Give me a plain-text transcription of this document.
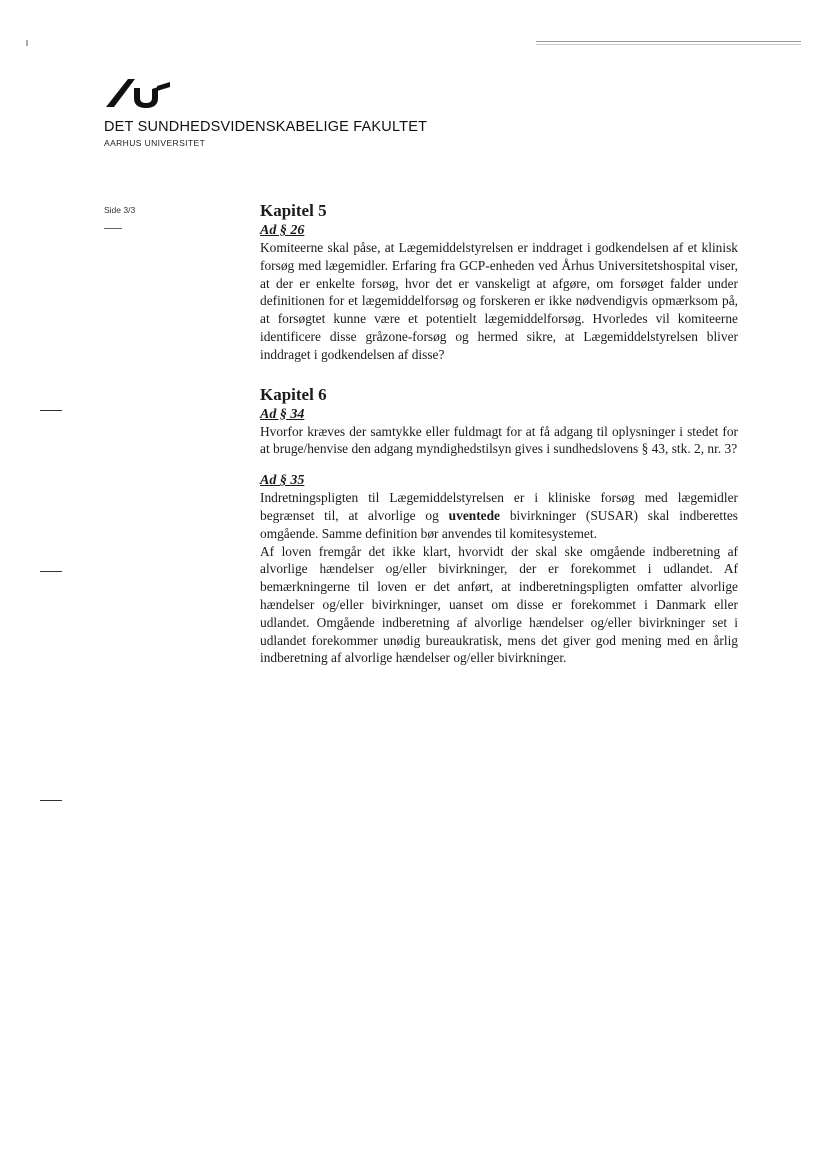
DET SUNDHEDSVIDENSKABELIGE FAKULTET
AARHUS UNIVERSITET
Side 3/3	Kapitel 5
Ad § 26

Komiteerne skal påse, at Lægemiddelstyrelsen er inddraget i godkendelsen af et klinisk forsøg med lægemidler. Erfaring fra GCP-enheden ved Århus Universitetshospital viser, at der er enkelte forsøg, hvor det er vanskeligt at afgøre, om forsøget falder under definitionen for et lægemiddelforsøg og forskeren er ikke nødvendigvis opmærksom på, at forsøgtet kunne være et potentielt lægemiddelforsøg. Hvorledes vil komiteerne identificere disse gråzone-forsøg og hermed sikre, at Lægemiddelstyrelsen bliver inddraget i godkendelsen af disse?

Kapitel 6
Ad § 34

Hvorfor kræves der samtykke eller fuldmagt for at få adgang til oplysninger i stedet for at bruge/henvise den adgang myndighedstilsyn gives i sundhedslovens § 43, stk. 2, nr. 3?

Ad § 35

Indretningspligten til Lægemiddelstyrelsen er i kliniske forsøg med lægemidler begrænset til, at alvorlige og uventede bivirkninger (SUSAR) skal indberettes omgående. Samme definition bør anvendes til komitesystemet.

Af loven fremgår det ikke klart, hvorvidt der skal ske omgående indberetning af alvorlige hændelser og/eller bivirkninger, der er forekommet i udlandet. Af bemærkningerne til loven er det anført, at indberetningspligten omfatter alvorlige hændelser og/eller bivirkninger, uanset om disse er forekommet i Danmark eller udlandet. Omgående indberetning af alvorlige hændelser og/eller bivirkninger set i udlandet forekommer unødig bureaukratisk, mens det giver god mening med en årlig indberetning af alvorlige hændelser og/eller bivirkninger.
